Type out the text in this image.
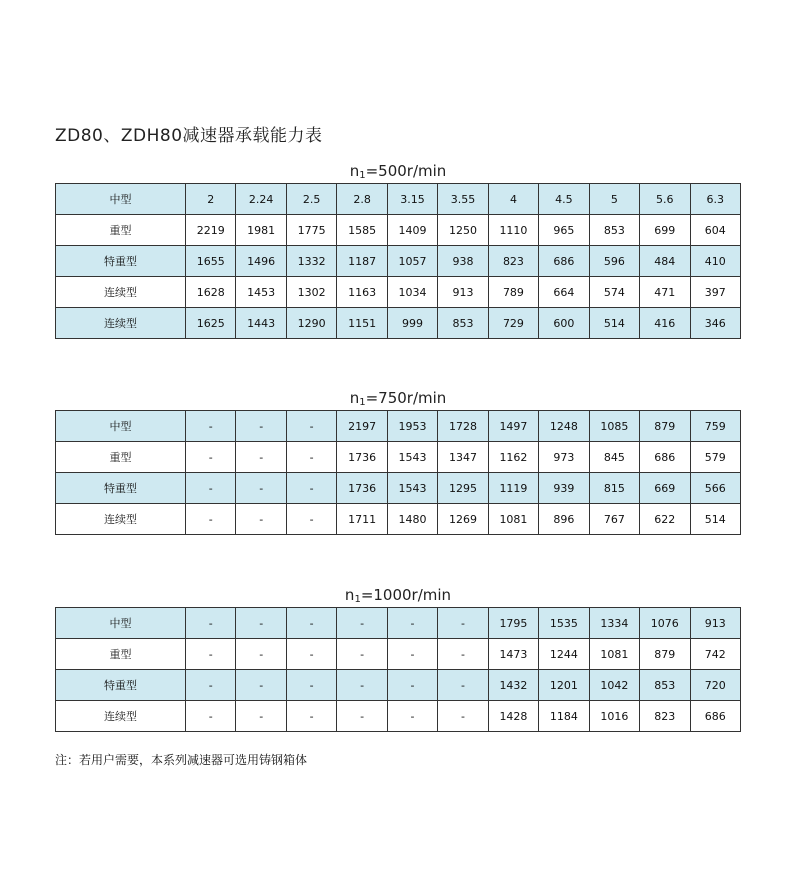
ZD80、ZDH80减速器承载能力表
n1=500r/min
中型	2	2.24	2.5	2.8	3.15	3.55	4	4.5	5	5.6	6.3
重型	2219	1981	1775	1585	1409	1250	1110	965	853	699	604
特重型	1655	1496	1332	1187	1057	938	823	686	596	484	410
连续型	1628	1453	1302	1163	1034	913	789	664	574	471	397
连续型	1625	1443	1290	1151	999	853	729	600	514	416	346
n1=750r/min
中型	-	-	-	2197	1953	1728	1497	1248	1085	879	759
重型	-	-	-	1736	1543	1347	1162	973	845	686	579
特重型	-	-	-	1736	1543	1295	1119	939	815	669	566
连续型	-	-	-	1711	1480	1269	1081	896	767	622	514
n1=1000r/min
中型	-	-	-	-	-	-	1795	1535	1334	1076	913
重型	-	-	-	-	-	-	1473	1244	1081	879	742
特重型	-	-	-	-	-	-	1432	1201	1042	853	720
连续型	-	-	-	-	-	-	1428	1184	1016	823	686
注：若用户需要，本系列减速器可选用铸钢箱体
